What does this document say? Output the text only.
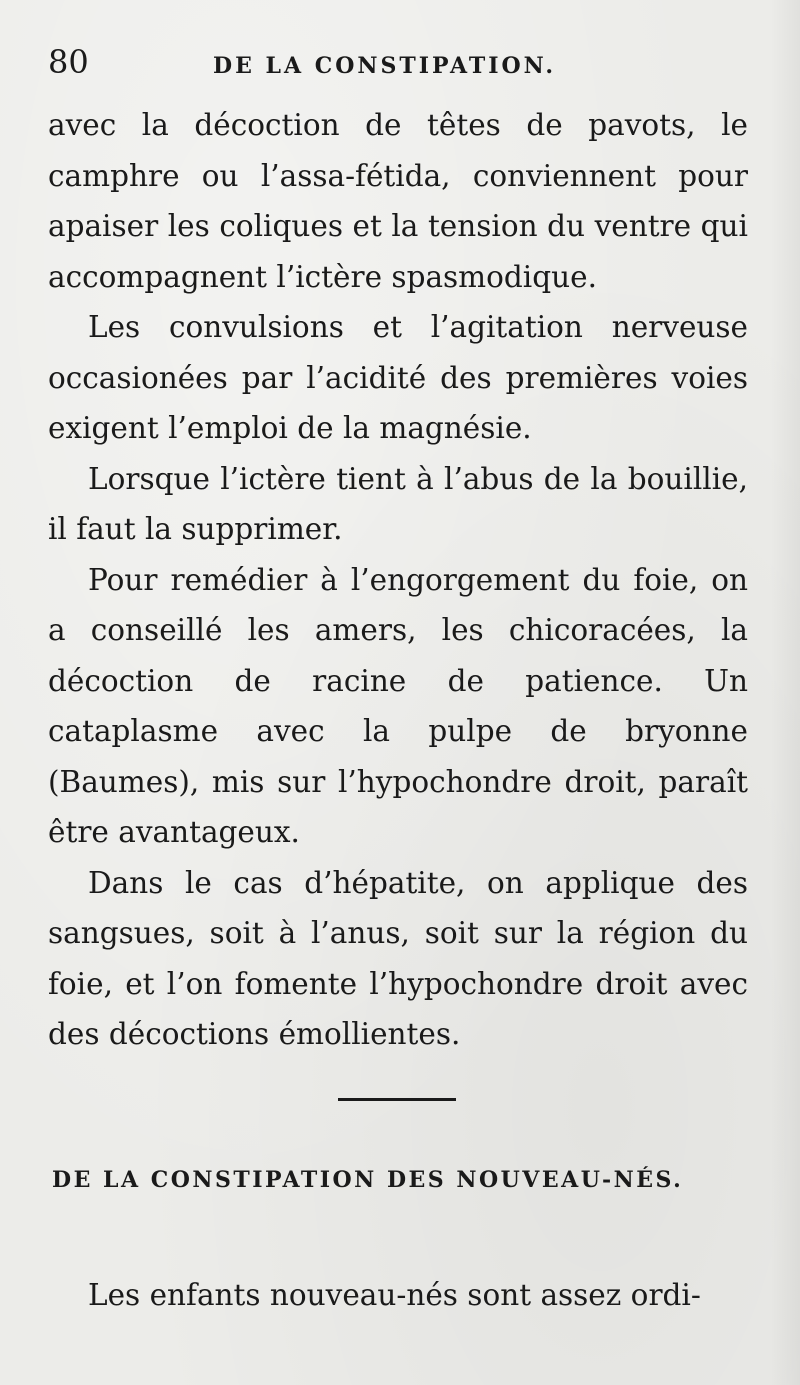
80	DE LA CONSTIPATION.

avec la décoction de têtes de pavots, le camphre ou l’assa-fétida, conviennent pour apaiser les coliques et la tension du ventre qui accompagnent l’ictère spasmodique.

Les convulsions et l’agitation nerveuse occasionées par l’acidité des premières voies exigent l’emploi de la magnésie.

Lorsque l’ictère tient à l’abus de la bouillie, il faut la supprimer.

Pour remédier à l’engorgement du foie, on a conseillé les amers, les chicoracées, la décoction de racine de patience. Un cataplasme avec la pulpe de bryonne (Baumes), mis sur l’hypochondre droit, paraît être avantageux.

Dans le cas d’hépatite, on applique des sangsues, soit à l’anus, soit sur la région du foie, et l’on fomente l’hypochondre droit avec des décoctions émollientes.

DE LA CONSTIPATION DES NOUVEAU-NÉS.
Les enfants nouveau-nés sont assez ordi-
